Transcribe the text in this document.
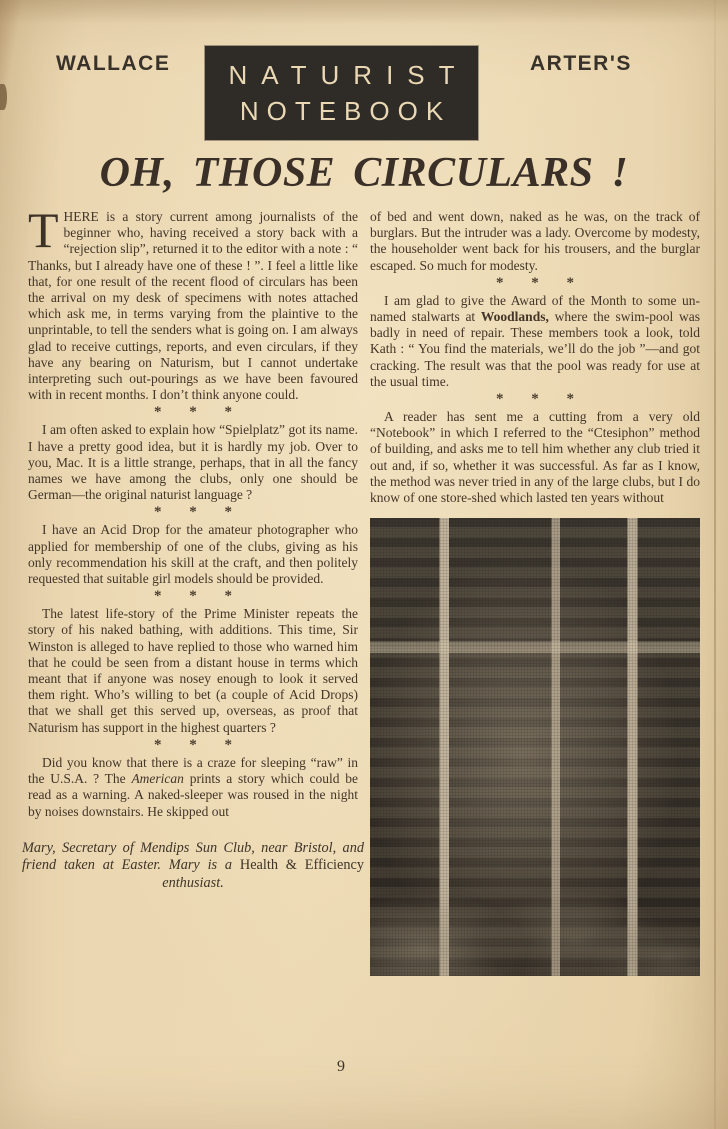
WALLACE	NATURIST
NOTEBOOK
ARTER'S
OH, THOSE CIRCULARS !

THERE is a story current among journalists of the beginner who, having received a story back with a “rejection slip”, returned it to the editor with a note : “ Thanks, but I already have one of these ! ”. I feel a little like that, for one result of the recent flood of circulars has been the arrival on my desk of specimens with notes attached which ask me, in terms varying from the plaintive to the unprintable, to tell the senders what is going on. I am always glad to receive cuttings, reports, and even circulars, if they have any bearing on Naturism, but I cannot undertake interpreting such out-pourings as we have been favoured with in recent months. I don’t think anyone could.

* * *

I am often asked to explain how “Spielplatz” got its name. I have a pretty good idea, but it is hardly my job. Over to you, Mac. It is a little strange, perhaps, that in all the fancy names we have among the clubs, only one should be German—the original naturist language ?

* * *

I have an Acid Drop for the amateur photographer who applied for membership of one of the clubs, giving as his only recommendation his skill at the craft, and then politely requested that suitable girl models should be provided.

* * *

The latest life-story of the Prime Minister repeats the story of his naked bathing, with additions. This time, Sir Winston is alleged to have replied to those who warned him that he could be seen from a distant house in terms which meant that if anyone was nosey enough to look it served them right. Who’s willing to bet (a couple of Acid Drops) that we shall get this served up, overseas, as proof that Naturism has support in the highest quarters ?

* * *

Did you know that there is a craze for sleeping “raw” in the U.S.A. ? The American prints a story which could be read as a warning. A naked-sleeper was roused in the night by noises downstairs. He skipped out

Mary, Secretary of Mendips Sun Club, near Bristol, and friend taken at Easter. Mary is a Health & Efficiency enthusiast.

of bed and went down, naked as he was, on the track of burglars. But the intruder was a lady. Overcome by modesty, the householder went back for his trousers, and the burglar escaped. So much for modesty.

* * *

I am glad to give the Award of the Month to some un-named stalwarts at Woodlands, where the swim-pool was badly in need of repair. These members took a look, told Kath : “ You find the materials, we’ll do the job ”—and got cracking. The result was that the pool was ready for use at the usual time.

* * *

A reader has sent me a cutting from a very old “Notebook” in which I referred to the “Ctesiphon” method of building, and asks me to tell him whether any club tried it out and, if so, whether it was successful. As far as I know, the method was never tried in any of the large clubs, but I do know of one store-shed which lasted ten years without

9
